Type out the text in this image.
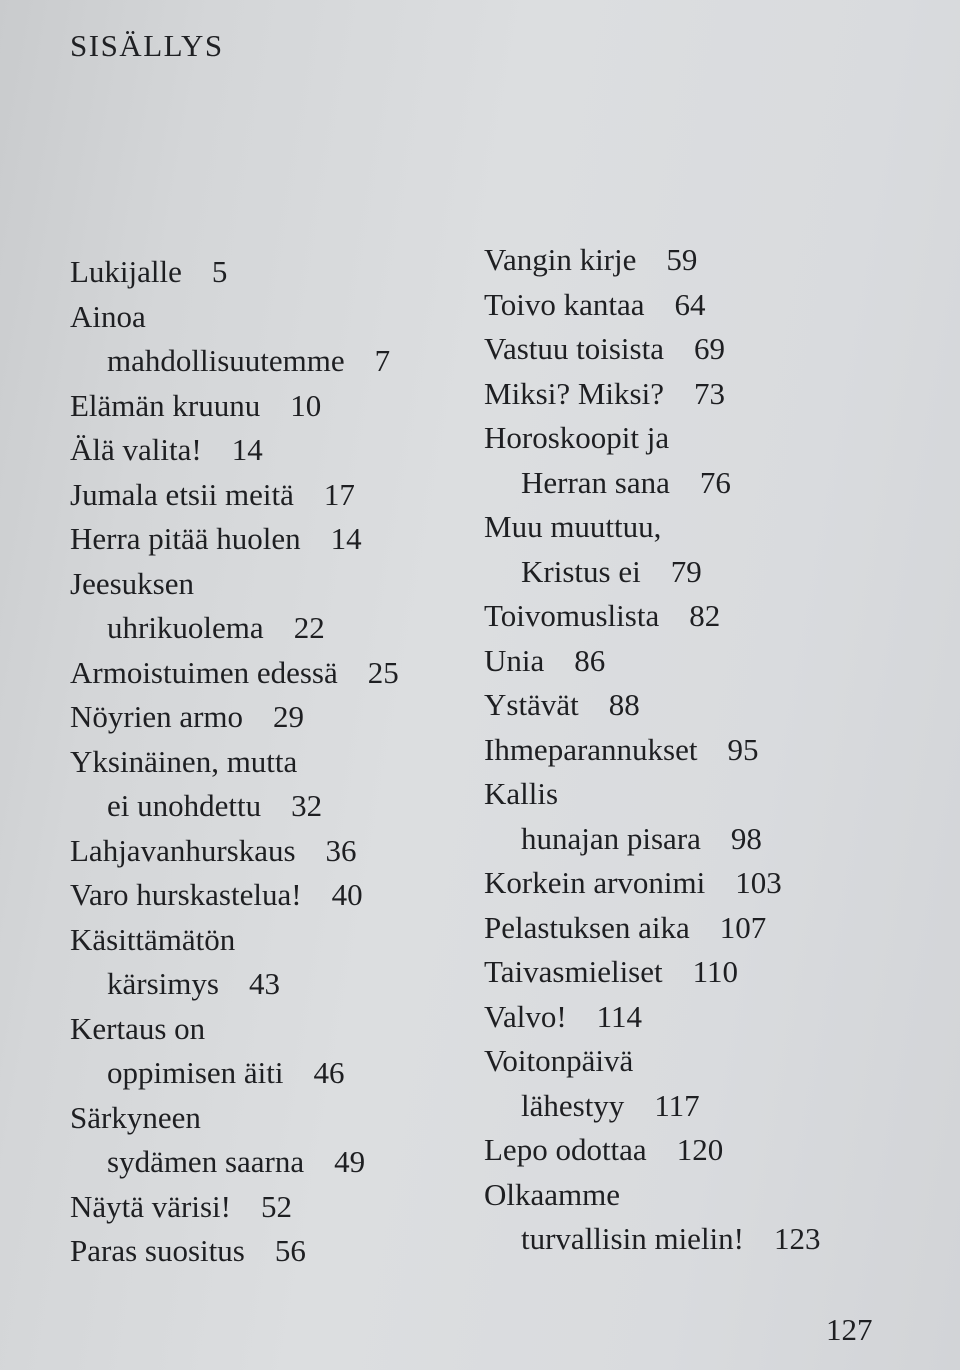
SISÄLLYS
Lukijalle 5
Ainoa
mahdollisuutemme 7
Elämän kruunu 10
Älä valita! 14
Jumala etsii meitä 17
Herra pitää huolen 14
Jeesuksen
uhrikuolema 22
Armoistuimen edessä 25
Nöyrien armo 29
Yksinäinen, mutta
ei unohdettu 32
Lahjavanhurskaus 36
Varo hurskastelua! 40
Käsittämätön
kärsimys 43
Kertaus on
oppimisen äiti 46
Särkyneen
sydämen saarna 49
Näytä värisi! 52
Paras suositus 56
Vangin kirje 59
Toivo kantaa 64
Vastuu toisista 69
Miksi? Miksi? 73
Horoskoopit ja
Herran sana 76
Muu muuttuu,
Kristus ei 79
Toivomuslista 82
Unia 86
Ystävät 88
Ihmeparannukset 95
Kallis
hunajan pisara 98
Korkein arvonimi 103
Pelastuksen aika 107
Taivasmieliset 110
Valvo! 114
Voitonpäivä
lähestyy 117
Lepo odottaa 120
Olkaamme
turvallisin mielin! 123
127
